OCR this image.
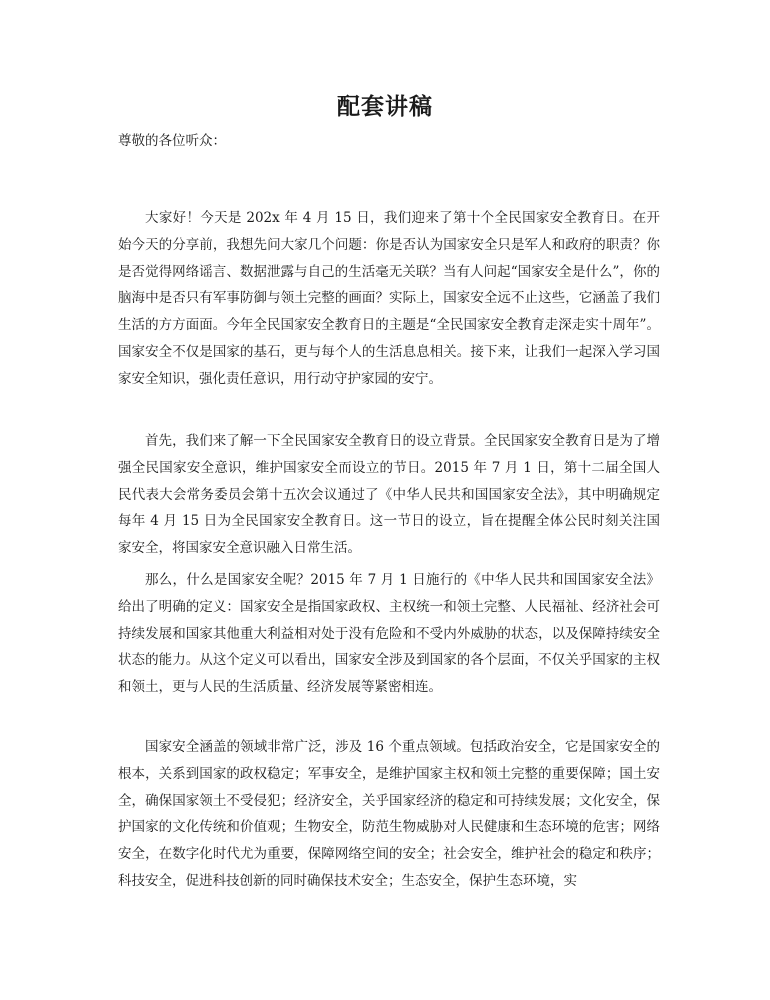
配套讲稿

尊敬的各位听众：

大家好！今天是 202x 年 4 月 15 日，我们迎来了第十个全民国家安全教育日。在开始今天的分享前，我想先问大家几个问题：你是否认为国家安全只是军人和政府的职责？你是否觉得网络谣言、数据泄露与自己的生活毫无关联？当有人问起“国家安全是什么”，你的脑海中是否只有军事防御与领土完整的画面？实际上，国家安全远不止这些，它涵盖了我们生活的方方面面。今年全民国家安全教育日的主题是“全民国家安全教育走深走实十周年”。国家安全不仅是国家的基石，更与每个人的生活息息相关。接下来，让我们一起深入学习国家安全知识，强化责任意识，用行动守护家园的安宁。

首先，我们来了解一下全民国家安全教育日的设立背景。全民国家安全教育日是为了增强全民国家安全意识，维护国家安全而设立的节日。2015 年 7 月 1 日，第十二届全国人民代表大会常务委员会第十五次会议通过了《中华人民共和国国家安全法》，其中明确规定每年 4 月 15 日为全民国家安全教育日。这一节日的设立，旨在提醒全体公民时刻关注国家安全，将国家安全意识融入日常生活。

那么，什么是国家安全呢？2015 年 7 月 1 日施行的《中华人民共和国国家安全法》给出了明确的定义：国家安全是指国家政权、主权统一和领土完整、人民福祉、经济社会可持续发展和国家其他重大利益相对处于没有危险和不受内外威胁的状态，以及保障持续安全状态的能力。从这个定义可以看出，国家安全涉及到国家的各个层面，不仅关乎国家的主权和领土，更与人民的生活质量、经济发展等紧密相连。

国家安全涵盖的领域非常广泛，涉及 16 个重点领域。包括政治安全，它是国家安全的根本，关系到国家的政权稳定；军事安全，是维护国家主权和领土完整的重要保障；国土安全，确保国家领土不受侵犯；经济安全，关乎国家经济的稳定和可持续发展；文化安全，保护国家的文化传统和价值观；生物安全，防范生物威胁对人民健康和生态环境的危害；网络安全，在数字化时代尤为重要，保障网络空间的安全；社会安全，维护社会的稳定和秩序；科技安全，促进科技创新的同时确保技术安全；生态安全，保护生态环境，实
